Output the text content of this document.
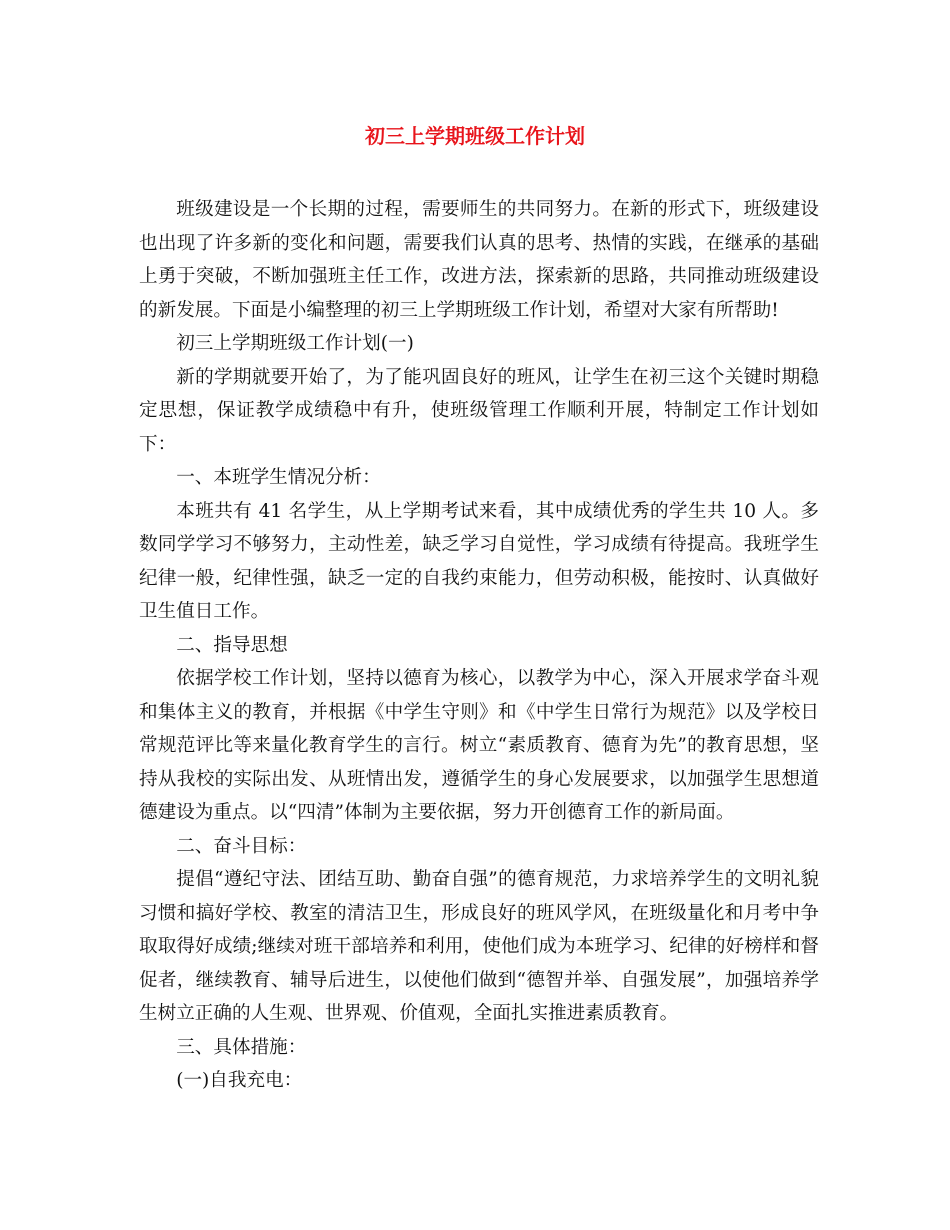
初三上学期班级工作计划

班级建设是一个长期的过程，需要师生的共同努力。在新的形式下，班级建设也出现了许多新的变化和问题，需要我们认真的思考、热情的实践，在继承的基础上勇于突破，不断加强班主任工作，改进方法，探索新的思路，共同推动班级建设的新发展。下面是小编整理的初三上学期班级工作计划，希望对大家有所帮助!

初三上学期班级工作计划(一)

新的学期就要开始了，为了能巩固良好的班风，让学生在初三这个关键时期稳定思想，保证教学成绩稳中有升，使班级管理工作顺利开展，特制定工作计划如下：

一、本班学生情况分析：

本班共有 41 名学生，从上学期考试来看，其中成绩优秀的学生共 10 人。多数同学学习不够努力，主动性差，缺乏学习自觉性，学习成绩有待提高。我班学生纪律一般，纪律性强，缺乏一定的自我约束能力，但劳动积极，能按时、认真做好卫生值日工作。

二、指导思想

依据学校工作计划，坚持以德育为核心，以教学为中心，深入开展求学奋斗观和集体主义的教育，并根据《中学生守则》和《中学生日常行为规范》以及学校日常规范评比等来量化教育学生的言行。树立“素质教育、德育为先”的教育思想，坚持从我校的实际出发、从班情出发，遵循学生的身心发展要求，以加强学生思想道德建设为重点。以“四清”体制为主要依据，努力开创德育工作的新局面。

二、奋斗目标：

提倡“遵纪守法、团结互助、勤奋自强”的德育规范，力求培养学生的文明礼貌习惯和搞好学校、教室的清洁卫生，形成良好的班风学风，在班级量化和月考中争取取得好成绩;继续对班干部培养和利用，使他们成为本班学习、纪律的好榜样和督促者，继续教育、辅导后进生，以使他们做到“德智并举、自强发展”，加强培养学生树立正确的人生观、世界观、价值观，全面扎实推进素质教育。

三、具体措施：

(一)自我充电：
